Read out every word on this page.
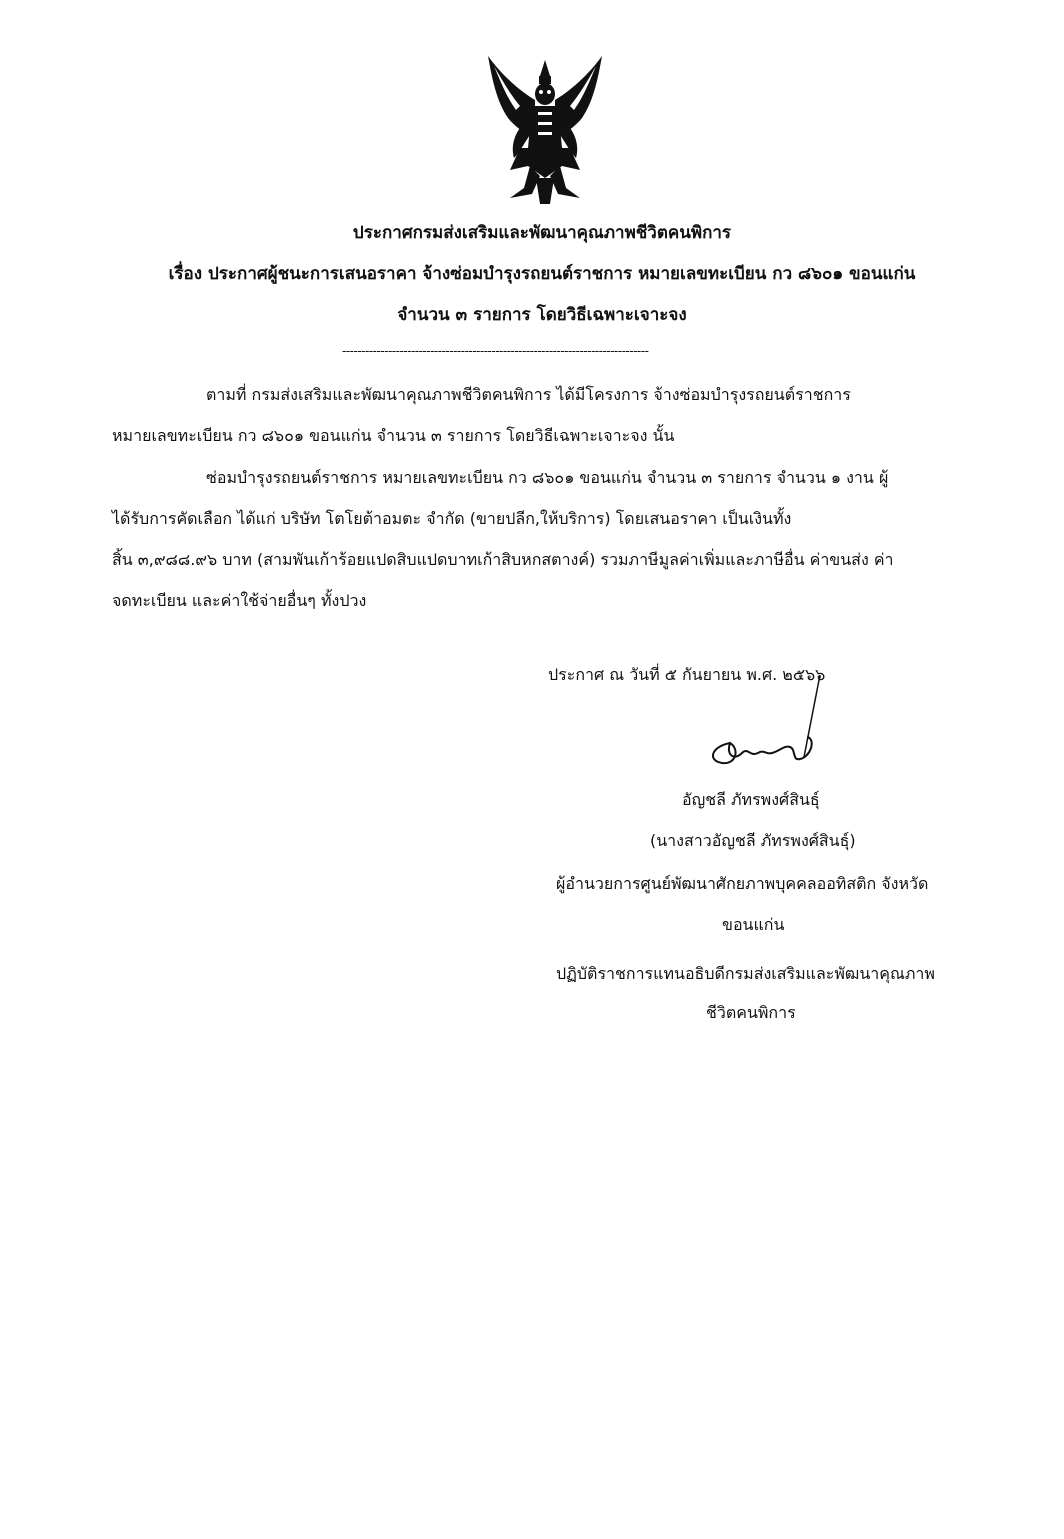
ประกาศกรมส่งเสริมและพัฒนาคุณภาพชีวิตคนพิการ
เรื่อง ประกาศผู้ชนะการเสนอราคา จ้างซ่อมบำรุงรถยนต์ราชการ หมายเลขทะเบียน กว ๘๖๐๑ ขอนแก่น
จำนวน ๓ รายการ โดยวิธีเฉพาะเจาะจง
--------------------------------------------------------------------------------
ตามที่ กรมส่งเสริมและพัฒนาคุณภาพชีวิตคนพิการ ได้มีโครงการ จ้างซ่อมบำรุงรถยนต์ราชการ
หมายเลขทะเบียน กว ๘๖๐๑ ขอนแก่น จำนวน ๓ รายการ โดยวิธีเฉพาะเจาะจง นั้น
ซ่อมบำรุงรถยนต์ราชการ หมายเลขทะเบียน กว ๘๖๐๑ ขอนแก่น จำนวน ๓ รายการ จำนวน ๑ งาน ผู้
ได้รับการคัดเลือก ได้แก่ บริษัท โตโยต้าอมตะ จำกัด (ขายปลีก,ให้บริการ) โดยเสนอราคา เป็นเงินทั้ง
สิ้น ๓,๙๘๘.๙๖ บาท (สามพันเก้าร้อยแปดสิบแปดบาทเก้าสิบหกสตางค์) รวมภาษีมูลค่าเพิ่มและภาษีอื่น ค่าขนส่ง ค่า
จดทะเบียน และค่าใช้จ่ายอื่นๆ ทั้งปวง
ประกาศ ณ วันที่ ๕ กันยายน พ.ศ. ๒๕๖๖
อัญชลี ภัทรพงศ์สินธุ์
(นางสาวอัญชลี ภัทรพงศ์สินธุ์)
ผู้อำนวยการศูนย์พัฒนาศักยภาพบุคคลออทิสติก จังหวัด
ขอนแก่น
ปฏิบัติราชการแทนอธิบดีกรมส่งเสริมและพัฒนาคุณภาพ
ชีวิตคนพิการ
